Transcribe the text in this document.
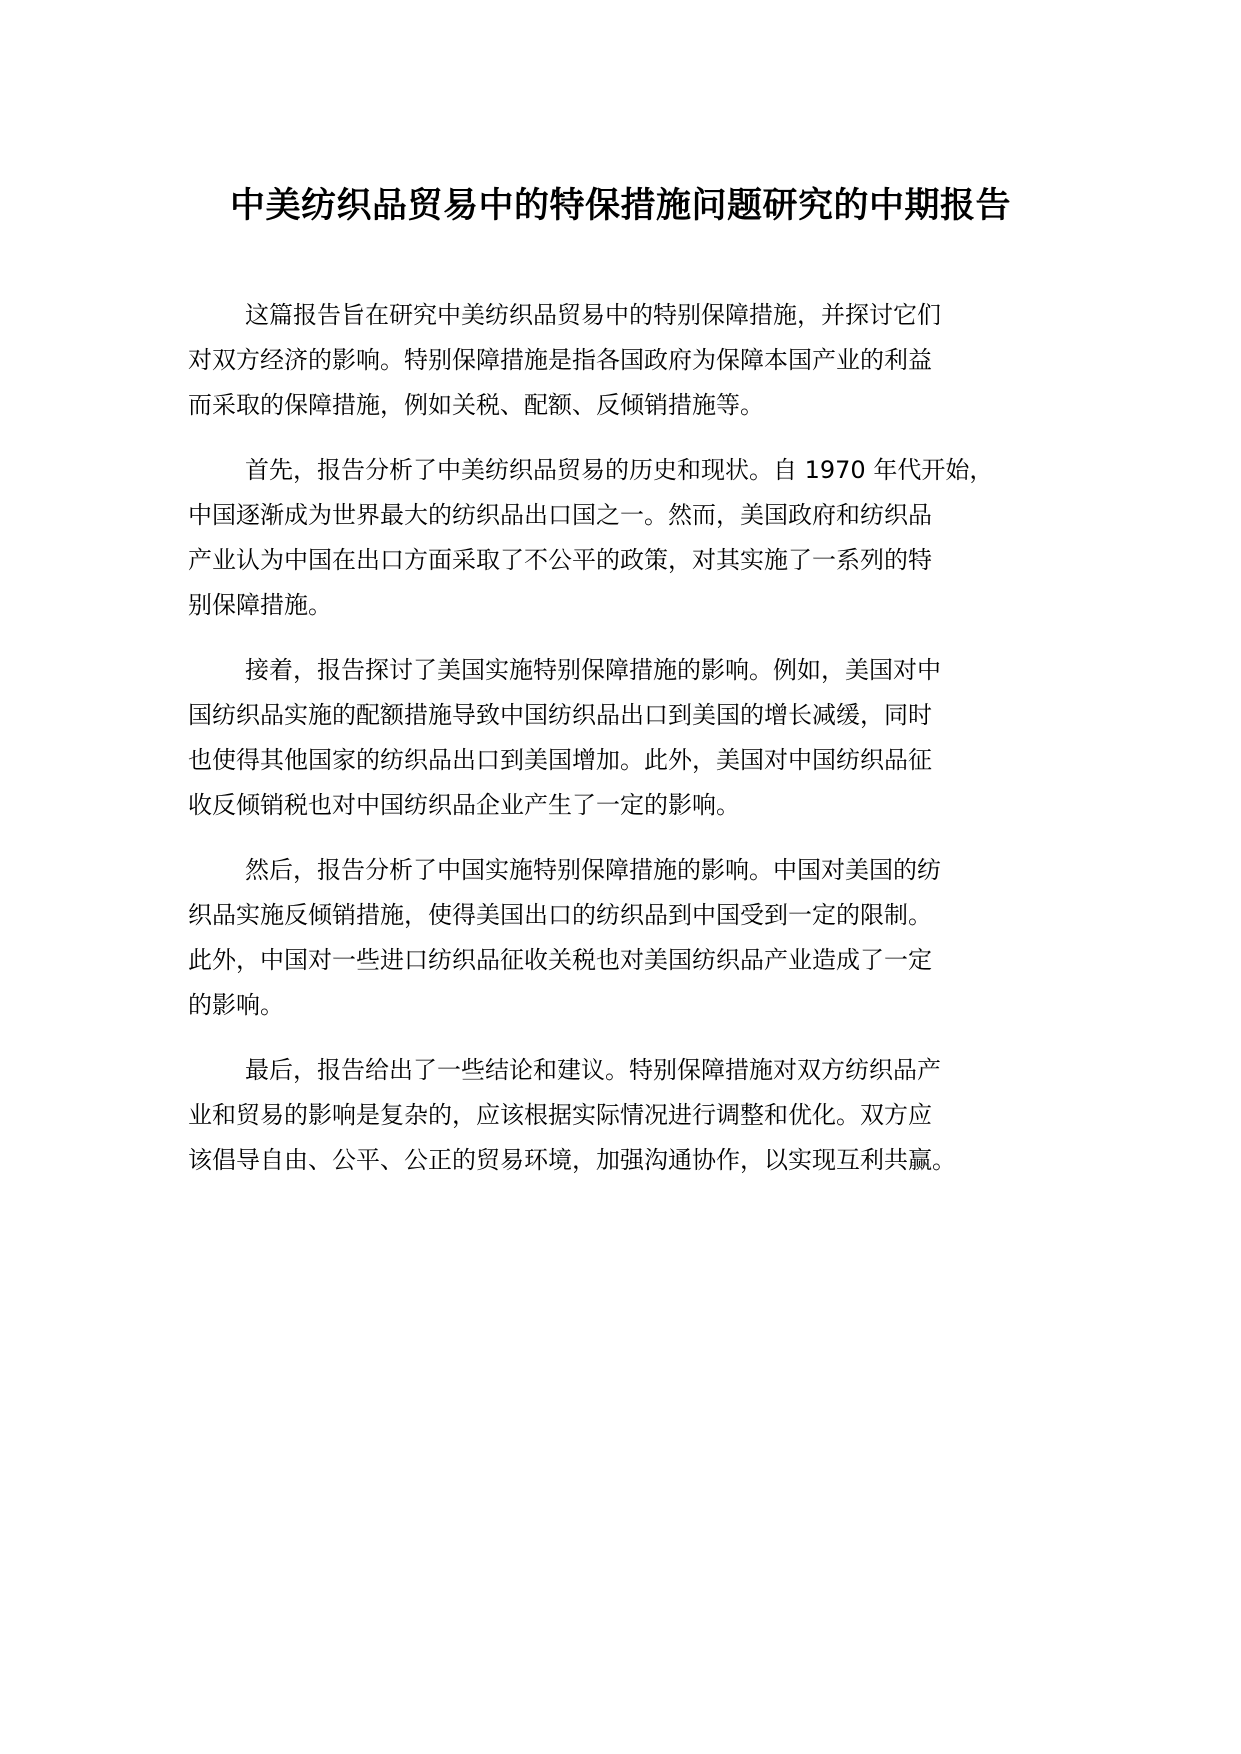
中美纺织品贸易中的特保措施问题研究的中期报告

这篇报告旨在研究中美纺织品贸易中的特别保障措施，并探讨它们
对双方经济的影响。特别保障措施是指各国政府为保障本国产业的利益
而采取的保障措施，例如关税、配额、反倾销措施等。

首先，报告分析了中美纺织品贸易的历史和现状。自 1970 年代开始，
中国逐渐成为世界最大的纺织品出口国之一。然而，美国政府和纺织品
产业认为中国在出口方面采取了不公平的政策，对其实施了一系列的特
别保障措施。

接着，报告探讨了美国实施特别保障措施的影响。例如，美国对中
国纺织品实施的配额措施导致中国纺织品出口到美国的增长减缓，同时
也使得其他国家的纺织品出口到美国增加。此外，美国对中国纺织品征
收反倾销税也对中国纺织品企业产生了一定的影响。

然后，报告分析了中国实施特别保障措施的影响。中国对美国的纺
织品实施反倾销措施，使得美国出口的纺织品到中国受到一定的限制。
此外，中国对一些进口纺织品征收关税也对美国纺织品产业造成了一定
的影响。

最后，报告给出了一些结论和建议。特别保障措施对双方纺织品产
业和贸易的影响是复杂的，应该根据实际情况进行调整和优化。双方应
该倡导自由、公平、公正的贸易环境，加强沟通协作，以实现互利共赢。
